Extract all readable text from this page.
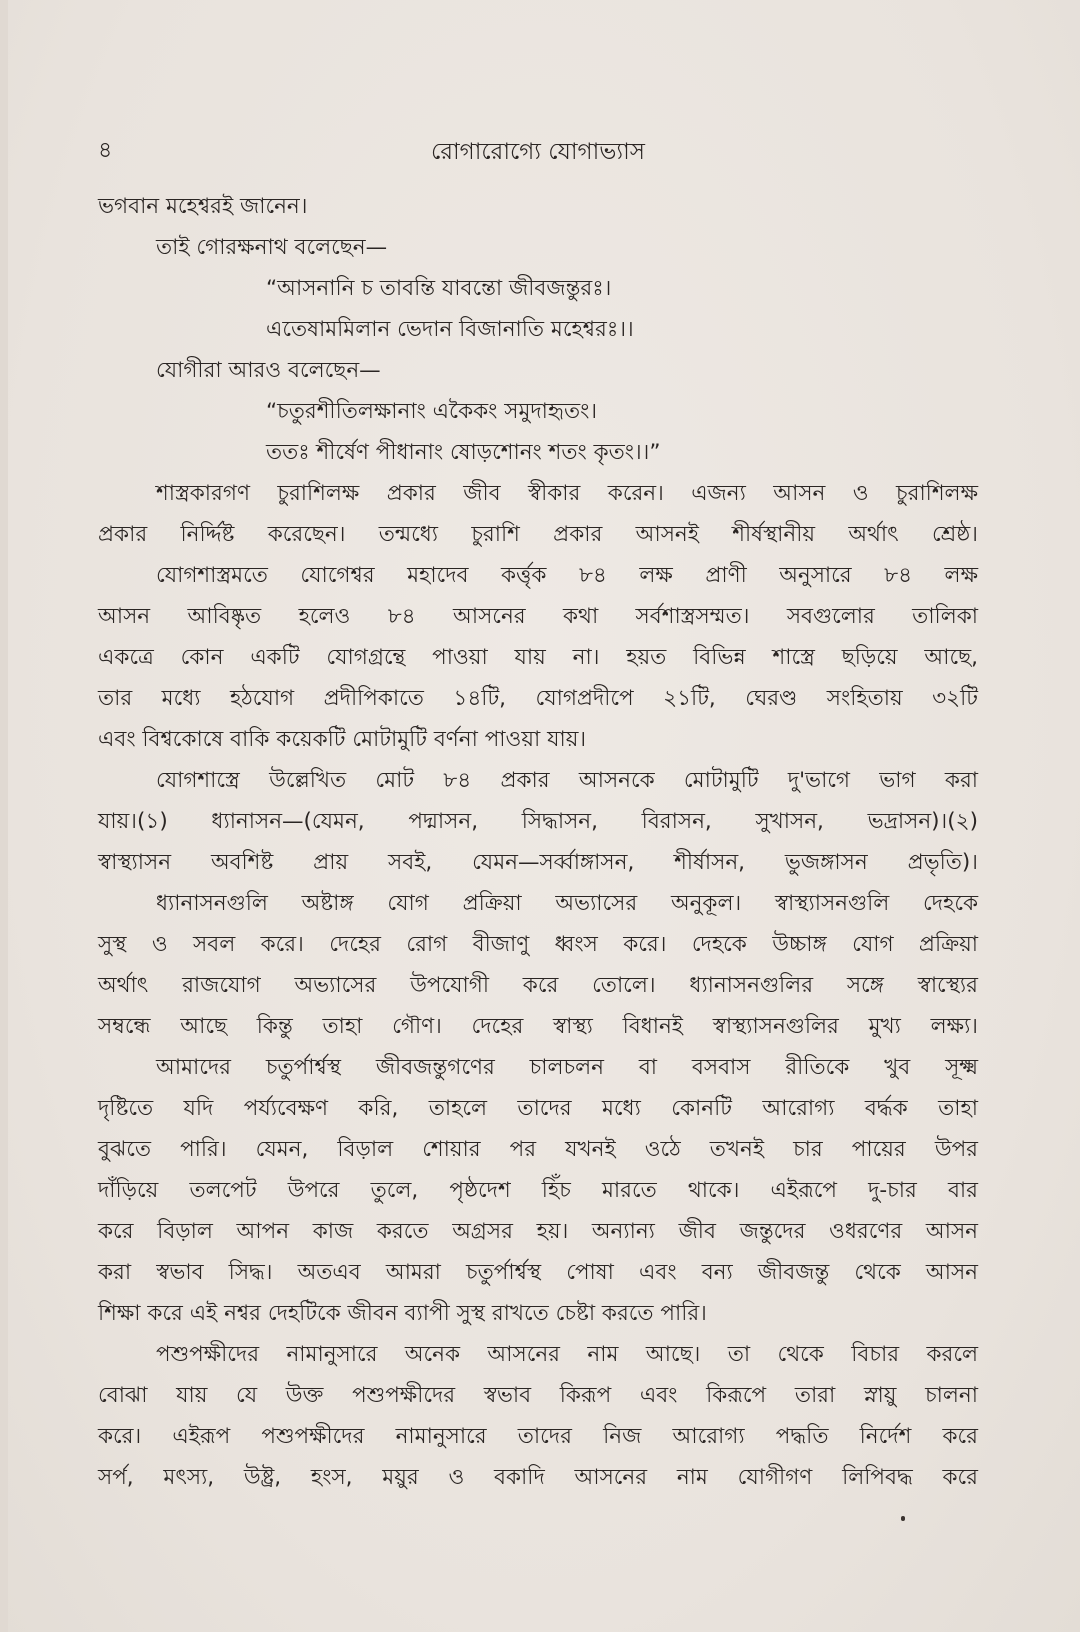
৪	রোগারোগ্যে যোগাভ্যাস
ভগবান মহেশ্বরই জানেন।
তাই গোরক্ষনাথ বলেছেন—
“আসনানি চ তাবন্তি যাবন্তো জীবজন্তুরঃ।
এতেষামমিলান ভেদান বিজানাতি মহেশ্বরঃ।।
যোগীরা আরও বলেছেন—
“চতুরশীতিলক্ষানাং একৈকং সমুদাহৃতং।
ততঃ শীর্ষেণ পীধানাং ষোড়শোনং শতং কৃতং।।”
শাস্ত্রকারগণ চুরাশিলক্ষ প্রকার জীব স্বীকার করেন। এজন্য আসন ও চুরাশিলক্ষ
প্রকার নির্দ্দিষ্ট করেছেন। তন্মধ্যে চুরাশি প্রকার আসনই শীর্ষস্থানীয় অর্থাৎ শ্রেষ্ঠ।
যোগশাস্ত্রমতে যোগেশ্বর মহাদেব কর্ত্তৃক ৮৪ লক্ষ প্রাণী অনুসারে ৮৪ লক্ষ
আসন আবিষ্কৃত হলেও ৮৪ আসনের কথা সর্বশাস্ত্রসম্মত। সবগুলোর তালিকা
একত্রে কোন একটি যোগগ্রন্থে পাওয়া যায় না। হয়ত বিভিন্ন শাস্ত্রে ছড়িয়ে আছে,
তার মধ্যে হঠযোগ প্রদীপিকাতে ১৪টি, যোগপ্রদীপে ২১টি, ঘেরণ্ড সংহিতায় ৩২টি
এবং বিশ্বকোষে বাকি কয়েকটি মোটামুটি বর্ণনা পাওয়া যায়।
যোগশাস্ত্রে উল্লেখিত মোট ৮৪ প্রকার আসনকে মোটামুটি দু'ভাগে ভাগ করা
যায়।(১) ধ্যানাসন—(যেমন, পদ্মাসন, সিদ্ধাসন, বিরাসন, সুখাসন, ভদ্রাসন)।(২)
স্বাস্থ্যাসন অবশিষ্ট প্রায় সবই, যেমন—সর্ব্বাঙ্গাসন, শীর্ষাসন, ভুজঙ্গাসন প্রভৃতি)।
ধ্যানাসনগুলি অষ্টাঙ্গ যোগ প্রক্রিয়া অভ্যাসের অনুকূল। স্বাস্থ্যাসনগুলি দেহকে
সুস্থ ও সবল করে। দেহের রোগ বীজাণু ধ্বংস করে। দেহকে উচ্চাঙ্গ যোগ প্রক্রিয়া
অর্থাৎ রাজযোগ অভ্যাসের উপযোগী করে তোলে। ধ্যানাসনগুলির সঙ্গে স্বাস্থ্যের
সম্বন্ধে আছে কিন্তু তাহা গৌণ। দেহের স্বাস্থ্য বিধানই স্বাস্থ্যাসনগুলির মুখ্য লক্ষ্য।
আমাদের চতুর্পার্শ্বস্থ জীবজন্তুগণের চালচলন বা বসবাস রীতিকে খুব সূক্ষ্ম
দৃষ্টিতে যদি পর্য্যবেক্ষণ করি, তাহলে তাদের মধ্যে কোনটি আরোগ্য বর্দ্ধক তাহা
বুঝতে পারি। যেমন, বিড়াল শোয়ার পর যখনই ওঠে তখনই চার পায়ের উপর
দাঁড়িয়ে তলপেট উপরে তুলে, পৃষ্ঠদেশ হিঁচ মারতে থাকে। এইরূপে দু-চার বার
করে বিড়াল আপন কাজ করতে অগ্রসর হয়। অন্যান্য জীব জন্তুদের ওধরণের আসন
করা স্বভাব সিদ্ধ। অতএব আমরা চতুর্পার্শ্বস্থ পোষা এবং বন্য জীবজন্তু থেকে আসন
শিক্ষা করে এই নশ্বর দেহটিকে জীবন ব্যাপী সুস্থ রাখতে চেষ্টা করতে পারি।
পশুপক্ষীদের নামানুসারে অনেক আসনের নাম আছে। তা থেকে বিচার করলে
বোঝা যায় যে উক্ত পশুপক্ষীদের স্বভাব কিরূপ এবং কিরূপে তারা স্নায়ু চালনা
করে। এইরূপ পশুপক্ষীদের নামানুসারে তাদের নিজ আরোগ্য পদ্ধতি নির্দেশ করে
সর্প, মৎস্য, উষ্ট্র, হংস, ময়ুর ও বকাদি আসনের নাম যোগীগণ লিপিবদ্ধ করে
